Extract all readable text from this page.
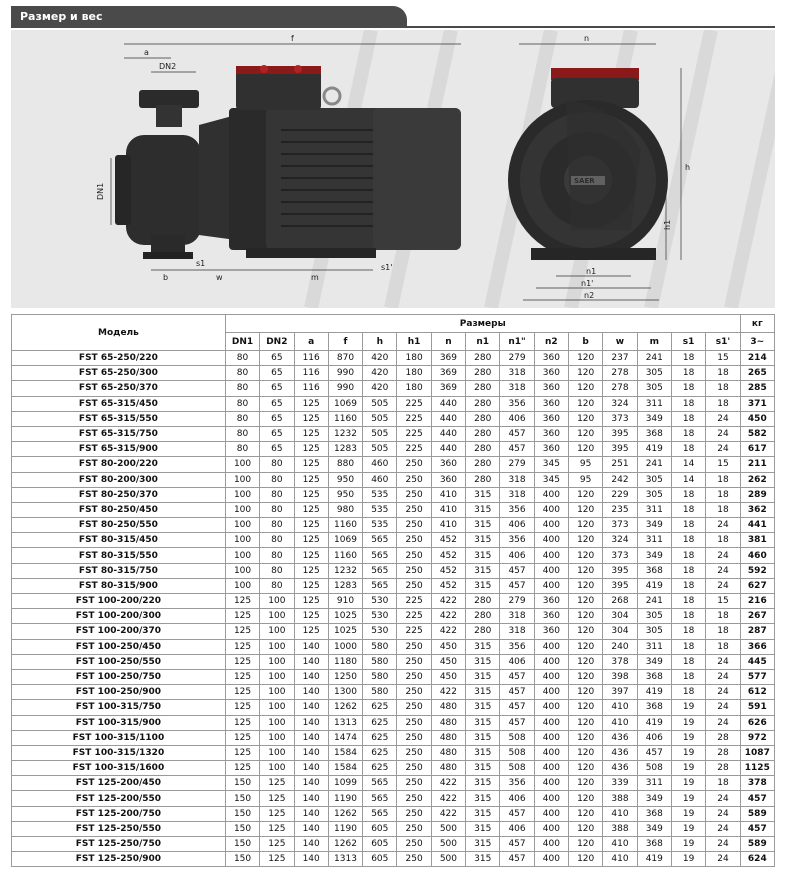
Размер и вес
f
a
DN2
DN1
b
s1
w	m
s1'
n
h
h1
n1
n1'
n2
Модель	Размеры															кг
	DN1	DN2	a	f	h	h1	n	n1	n1"	n2	b	w	m	s1	s1'	3~
FST 65-250/220	80	65	116	870	420	180	369	280	279	360	120	237	241	18	15	214
FST 65-250/300	80	65	116	990	420	180	369	280	318	360	120	278	305	18	18	265
FST 65-250/370	80	65	116	990	420	180	369	280	318	360	120	278	305	18	18	285
FST 65-315/450	80	65	125	1069	505	225	440	280	356	360	120	324	311	18	18	371
FST 65-315/550	80	65	125	1160	505	225	440	280	406	360	120	373	349	18	24	450
FST 65-315/750	80	65	125	1232	505	225	440	280	457	360	120	395	368	18	24	582
FST 65-315/900	80	65	125	1283	505	225	440	280	457	360	120	395	419	18	24	617
FST 80-200/220	100	80	125	880	460	250	360	280	279	345	95	251	241	14	15	211
FST 80-200/300	100	80	125	950	460	250	360	280	318	345	95	242	305	14	18	262
FST 80-250/370	100	80	125	950	535	250	410	315	318	400	120	229	305	18	18	289
FST 80-250/450	100	80	125	980	535	250	410	315	356	400	120	235	311	18	18	362
FST 80-250/550	100	80	125	1160	535	250	410	315	406	400	120	373	349	18	24	441
FST 80-315/450	100	80	125	1069	565	250	452	315	356	400	120	324	311	18	18	381
FST 80-315/550	100	80	125	1160	565	250	452	315	406	400	120	373	349	18	24	460
FST 80-315/750	100	80	125	1232	565	250	452	315	457	400	120	395	368	18	24	592
FST 80-315/900	100	80	125	1283	565	250	452	315	457	400	120	395	419	18	24	627
FST 100-200/220	125	100	125	910	530	225	422	280	279	360	120	268	241	18	15	216
FST 100-200/300	125	100	125	1025	530	225	422	280	318	360	120	304	305	18	18	267
FST 100-200/370	125	100	125	1025	530	225	422	280	318	360	120	304	305	18	18	287
FST 100-250/450	125	100	140	1000	580	250	450	315	356	400	120	240	311	18	18	366
FST 100-250/550	125	100	140	1180	580	250	450	315	406	400	120	378	349	18	24	445
FST 100-250/750	125	100	140	1250	580	250	450	315	457	400	120	398	368	18	24	577
FST 100-250/900	125	100	140	1300	580	250	422	315	457	400	120	397	419	18	24	612
FST 100-315/750	125	100	140	1262	625	250	480	315	457	400	120	410	368	19	24	591
FST 100-315/900	125	100	140	1313	625	250	480	315	457	400	120	410	419	19	24	626
FST 100-315/1100	125	100	140	1474	625	250	480	315	508	400	120	436	406	19	28	972
FST 100-315/1320	125	100	140	1584	625	250	480	315	508	400	120	436	457	19	28	1087
FST 100-315/1600	125	100	140	1584	625	250	480	315	508	400	120	436	508	19	28	1125
FST 125-200/450	150	125	140	1099	565	250	422	315	356	400	120	339	311	19	18	378
FST 125-200/550	150	125	140	1190	565	250	422	315	406	400	120	388	349	19	24	457
FST 125-200/750	150	125	140	1262	565	250	422	315	457	400	120	410	368	19	24	589
FST 125-250/550	150	125	140	1190	605	250	500	315	406	400	120	388	349	19	24	457
FST 125-250/750	150	125	140	1262	605	250	500	315	457	400	120	410	368	19	24	589
FST 125-250/900	150	125	140	1313	605	250	500	315	457	400	120	410	419	19	24	624
